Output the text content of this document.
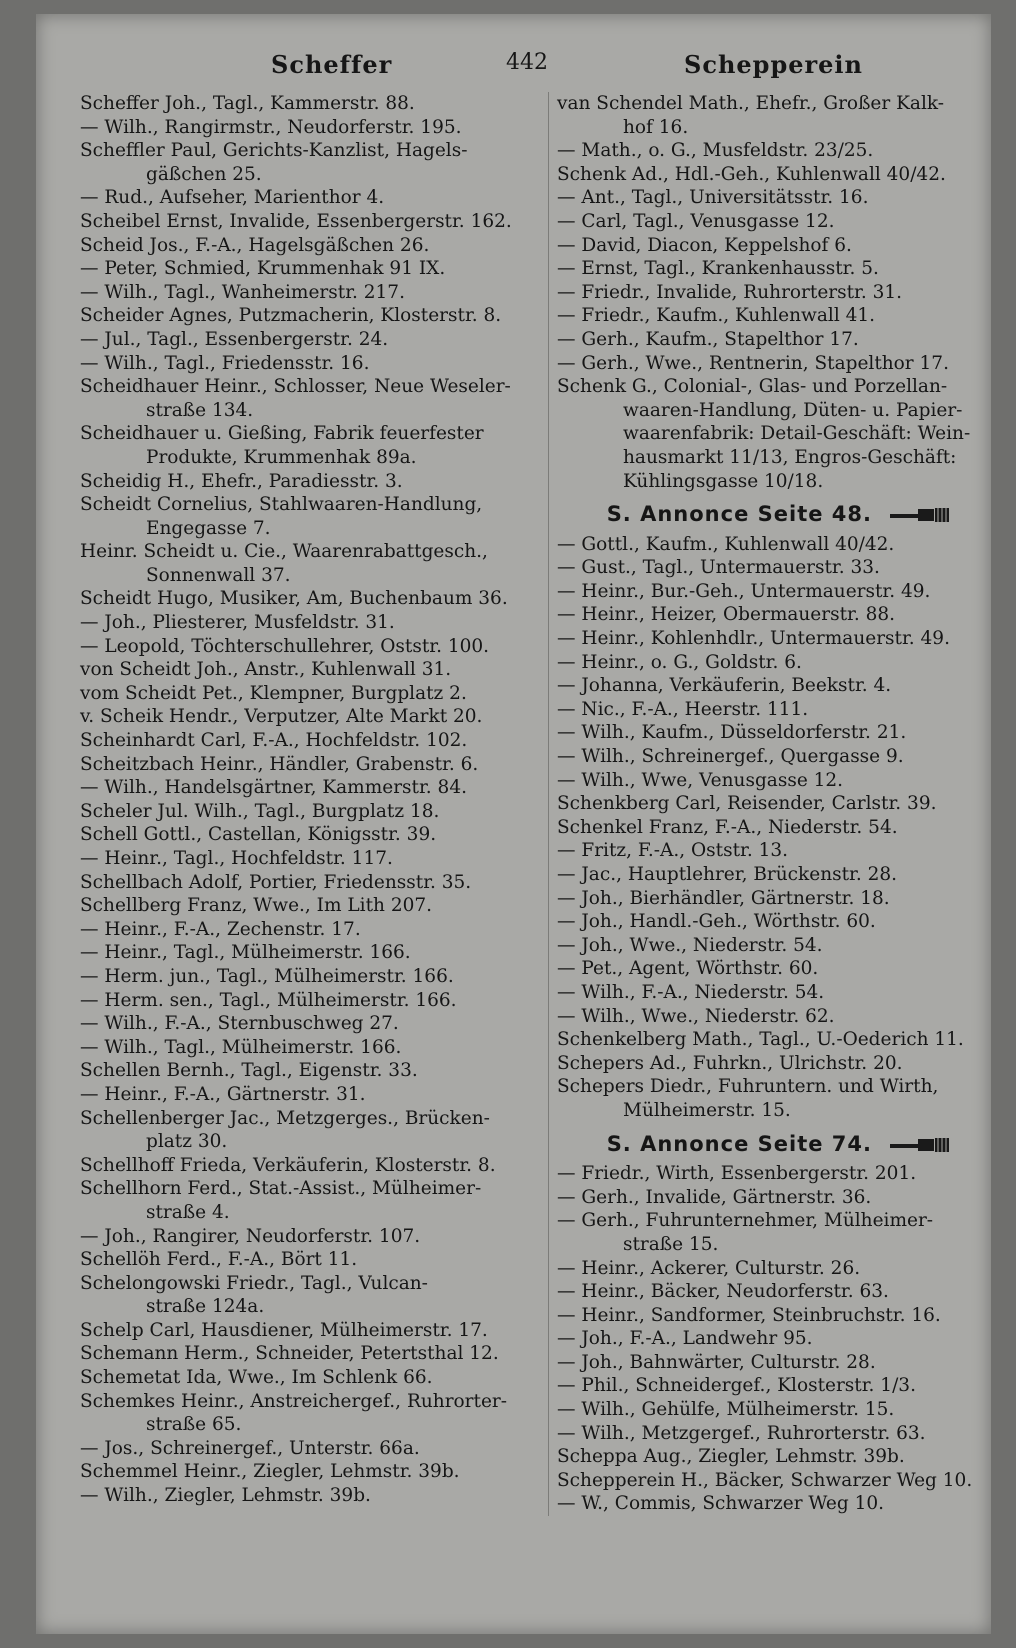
Scheffer	442	Schepperein
Scheffer Joh., Tagl., Kammerstr. 88.
— Wilh., Rangirmstr., Neudorferstr. 195.
Scheffler Paul, Gerichts-Kanzlist, Hagels-
gäßchen 25.
— Rud., Aufseher, Marienthor 4.
Scheibel Ernst, Invalide, Essenbergerstr. 162.
Scheid Jos., F.-A., Hagelsgäßchen 26.
— Peter, Schmied, Krummenhak 91 IX.
— Wilh., Tagl., Wanheimerstr. 217.
Scheider Agnes, Putzmacherin, Klosterstr. 8.
— Jul., Tagl., Essenbergerstr. 24.
— Wilh., Tagl., Friedensstr. 16.
Scheidhauer Heinr., Schlosser, Neue Weseler-
straße 134.
Scheidhauer u. Gießing, Fabrik feuerfester
Produkte, Krummenhak 89a.
Scheidig H., Ehefr., Paradiesstr. 3.
Scheidt Cornelius, Stahlwaaren-Handlung,
Engegasse 7.
Heinr. Scheidt u. Cie., Waarenrabattgesch.,
Sonnenwall 37.
Scheidt Hugo, Musiker, Am, Buchenbaum 36.
— Joh., Pliesterer, Musfeldstr. 31.
— Leopold, Töchterschullehrer, Oststr. 100.
von Scheidt Joh., Anstr., Kuhlenwall 31.
vom Scheidt Pet., Klempner, Burgplatz 2.
v. Scheik Hendr., Verputzer, Alte Markt 20.
Scheinhardt Carl, F.-A., Hochfeldstr. 102.
Scheitzbach Heinr., Händler, Grabenstr. 6.
— Wilh., Handelsgärtner, Kammerstr. 84.
Scheler Jul. Wilh., Tagl., Burgplatz 18.
Schell Gottl., Castellan, Königsstr. 39.
— Heinr., Tagl., Hochfeldstr. 117.
Schellbach Adolf, Portier, Friedensstr. 35.
Schellberg Franz, Wwe., Im Lith 207.
— Heinr., F.-A., Zechenstr. 17.
— Heinr., Tagl., Mülheimerstr. 166.
— Herm. jun., Tagl., Mülheimerstr. 166.
— Herm. sen., Tagl., Mülheimerstr. 166.
— Wilh., F.-A., Sternbuschweg 27.
— Wilh., Tagl., Mülheimerstr. 166.
Schellen Bernh., Tagl., Eigenstr. 33.
— Heinr., F.-A., Gärtnerstr. 31.
Schellenberger Jac., Metzgerges., Brücken-
platz 30.
Schellhoff Frieda, Verkäuferin, Klosterstr. 8.
Schellhorn Ferd., Stat.-Assist., Mülheimer-
straße 4.
— Joh., Rangirer, Neudorferstr. 107.
Schellöh Ferd., F.-A., Bört 11.
Schelongowski Friedr., Tagl., Vulcan-
straße 124a.
Schelp Carl, Hausdiener, Mülheimerstr. 17.
Schemann Herm., Schneider, Petertsthal 12.
Schemetat Ida, Wwe., Im Schlenk 66.
Schemkes Heinr., Anstreichergef., Ruhrorter-
straße 65.
— Jos., Schreinergef., Unterstr. 66a.
Schemmel Heinr., Ziegler, Lehmstr. 39b.
— Wilh., Ziegler, Lehmstr. 39b.
van Schendel Math., Ehefr., Großer Kalk-
hof 16.
— Math., o. G., Musfeldstr. 23/25.
Schenk Ad., Hdl.-Geh., Kuhlenwall 40/42.
— Ant., Tagl., Universitätsstr. 16.
— Carl, Tagl., Venusgasse 12.
— David, Diacon, Keppelshof 6.
— Ernst, Tagl., Krankenhausstr. 5.
— Friedr., Invalide, Ruhrorterstr. 31.
— Friedr., Kaufm., Kuhlenwall 41.
— Gerh., Kaufm., Stapelthor 17.
— Gerh., Wwe., Rentnerin, Stapelthor 17.
Schenk G., Colonial-, Glas- und Porzellan-
waaren-Handlung, Düten- u. Papier-
waarenfabrik: Detail-Geschäft: Wein-
hausmarkt 11/13, Engros-Geschäft:
Kühlingsgasse 10/18.
S. Annonce Seite 48.
— Gottl., Kaufm., Kuhlenwall 40/42.
— Gust., Tagl., Untermauerstr. 33.
— Heinr., Bur.-Geh., Untermauerstr. 49.
— Heinr., Heizer, Obermauerstr. 88.
— Heinr., Kohlenhdlr., Untermauerstr. 49.
— Heinr., o. G., Goldstr. 6.
— Johanna, Verkäuferin, Beekstr. 4.
— Nic., F.-A., Heerstr. 111.
— Wilh., Kaufm., Düsseldorferstr. 21.
— Wilh., Schreinergef., Quergasse 9.
— Wilh., Wwe, Venusgasse 12.
Schenkberg Carl, Reisender, Carlstr. 39.
Schenkel Franz, F.-A., Niederstr. 54.
— Fritz, F.-A., Oststr. 13.
— Jac., Hauptlehrer, Brückenstr. 28.
— Joh., Bierhändler, Gärtnerstr. 18.
— Joh., Handl.-Geh., Wörthstr. 60.
— Joh., Wwe., Niederstr. 54.
— Pet., Agent, Wörthstr. 60.
— Wilh., F.-A., Niederstr. 54.
— Wilh., Wwe., Niederstr. 62.
Schenkelberg Math., Tagl., U.-Oederich 11.
Schepers Ad., Fuhrkn., Ulrichstr. 20.
Schepers Diedr., Fuhruntern. und Wirth,
Mülheimerstr. 15.
S. Annonce Seite 74.
— Friedr., Wirth, Essenbergerstr. 201.
— Gerh., Invalide, Gärtnerstr. 36.
— Gerh., Fuhrunternehmer, Mülheimer-
straße 15.
— Heinr., Ackerer, Culturstr. 26.
— Heinr., Bäcker, Neudorferstr. 63.
— Heinr., Sandformer, Steinbruchstr. 16.
— Joh., F.-A., Landwehr 95.
— Joh., Bahnwärter, Culturstr. 28.
— Phil., Schneidergef., Klosterstr. 1/3.
— Wilh., Gehülfe, Mülheimerstr. 15.
— Wilh., Metzgergef., Ruhrorterstr. 63.
Scheppa Aug., Ziegler, Lehmstr. 39b.
Schepperein H., Bäcker, Schwarzer Weg 10.
— W., Commis, Schwarzer Weg 10.
